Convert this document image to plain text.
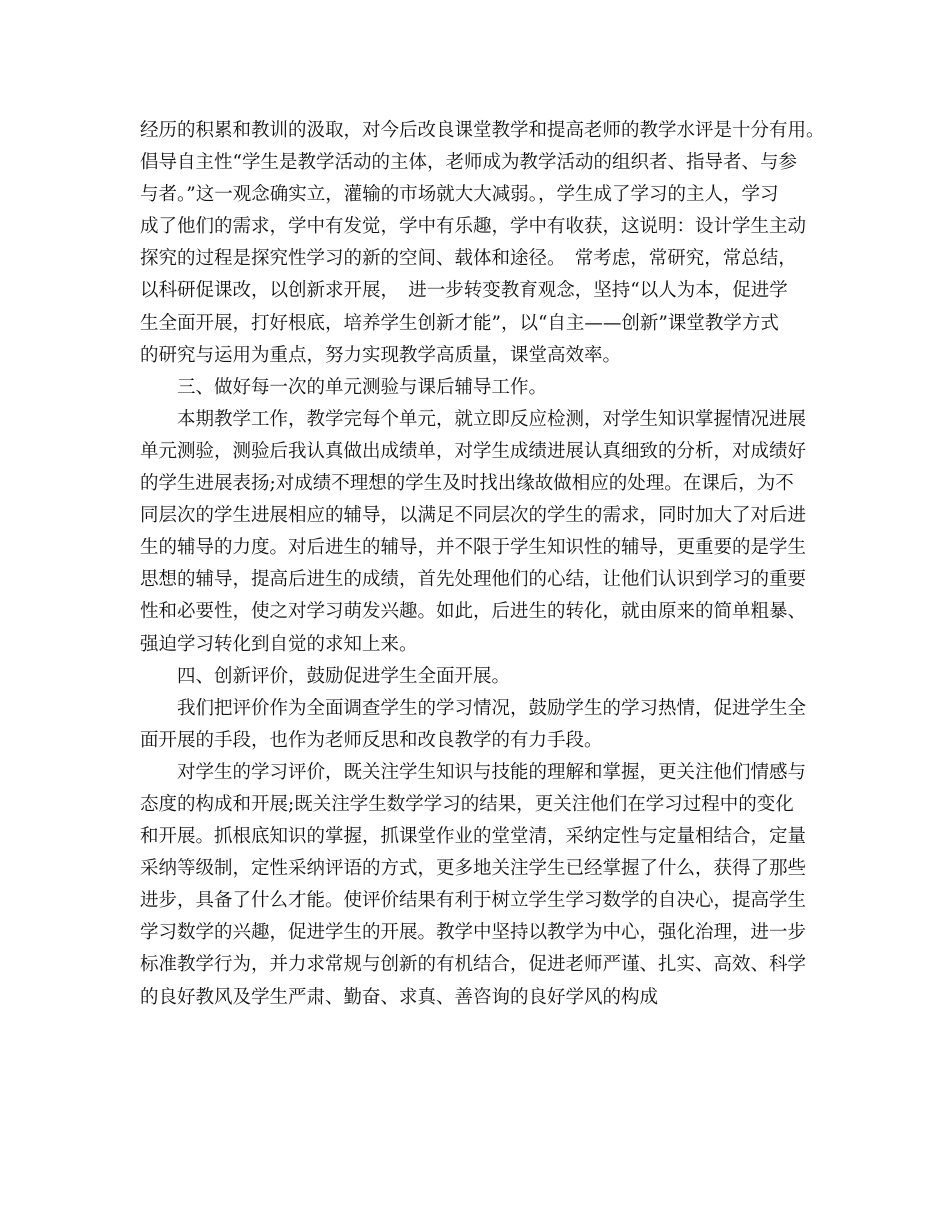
经历的积累和教训的汲取，对今后改良课堂教学和提高老师的教学水评是十分有用。
倡导自主性“学生是教学活动的主体，老师成为教学活动的组织者、指导者、与参
与者。”这一观念确实立，灌输的市场就大大减弱。，学生成了学习的主人，学习
成了他们的需求，学中有发觉，学中有乐趣，学中有收获，这说明：设计学生主动
探究的过程是探究性学习的新的空间、载体和途径。　常考虑，常研究，常总结，
以科研促课改，以创新求开展，　进一步转变教育观念，坚持“以人为本，促进学
生全面开展，打好根底，培养学生创新才能”，以“自主——创新”课堂教学方式
的研究与运用为重点，努力实现教学高质量，课堂高效率。
　　三、做好每一次的单元测验与课后辅导工作。
　　本期教学工作，教学完每个单元，就立即反应检测，对学生知识掌握情况进展
单元测验，测验后我认真做出成绩单，对学生成绩进展认真细致的分析，对成绩好
的学生进展表扬;对成绩不理想的学生及时找出缘故做相应的处理。在课后，为不
同层次的学生进展相应的辅导，以满足不同层次的学生的需求，同时加大了对后进
生的辅导的力度。对后进生的辅导，并不限于学生知识性的辅导，更重要的是学生
思想的辅导，提高后进生的成绩，首先处理他们的心结，让他们认识到学习的重要
性和必要性，使之对学习萌发兴趣。如此，后进生的转化，就由原来的简单粗暴、
强迫学习转化到自觉的求知上来。
　　四、创新评价，鼓励促进学生全面开展。
　　我们把评价作为全面调查学生的学习情况，鼓励学生的学习热情，促进学生全
面开展的手段，也作为老师反思和改良教学的有力手段。
　　对学生的学习评价，既关注学生知识与技能的理解和掌握，更关注他们情感与
态度的构成和开展;既关注学生数学学习的结果，更关注他们在学习过程中的变化
和开展。抓根底知识的掌握，抓课堂作业的堂堂清，采纳定性与定量相结合，定量
采纳等级制，定性采纳评语的方式，更多地关注学生已经掌握了什么，获得了那些
进步，具备了什么才能。使评价结果有利于树立学生学习数学的自决心，提高学生
学习数学的兴趣，促进学生的开展。教学中坚持以教学为中心，强化治理，进一步
标准教学行为，并力求常规与创新的有机结合，促进老师严谨、扎实、高效、科学
的良好教风及学生严肃、勤奋、求真、善咨询的良好学风的构成
